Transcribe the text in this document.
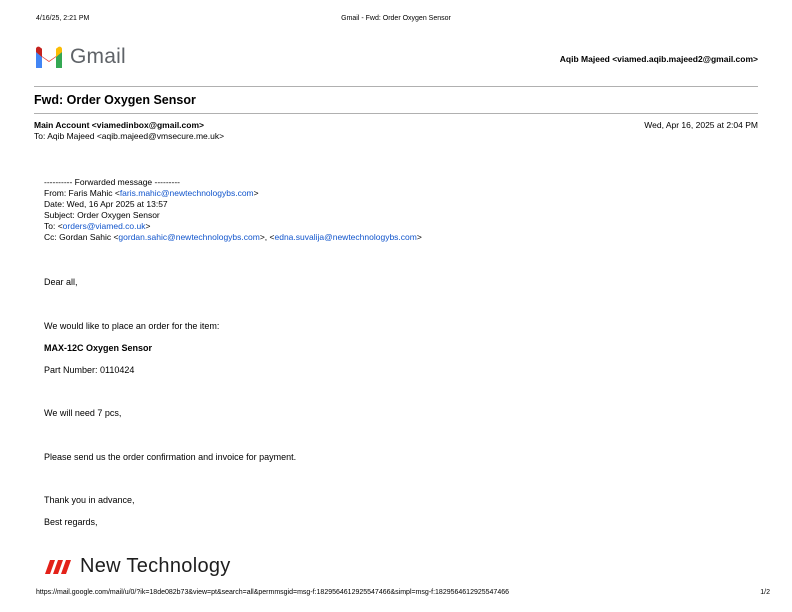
4/16/25, 2:21 PM	Gmail - Fwd: Order Oxygen Sensor
Gmail	Aqib Majeed <viamed.aqib.majeed2@gmail.com>
Fwd: Order Oxygen Sensor
Main Account <viamedinbox@gmail.com>
To: Aqib Majeed <aqib.majeed@vmsecure.me.uk>
Wed, Apr 16, 2025 at 2:04 PM
---------- Forwarded message ---------
From: Faris Mahic <faris.mahic@newtechnologybs.com>
Date: Wed, 16 Apr 2025 at 13:57
Subject: Order Oxygen Sensor
To: <orders@viamed.co.uk>
Cc: Gordan Sahic <gordan.sahic@newtechnologybs.com>, <edna.suvalija@newtechnologybs.com>
Dear all,
We would like to place an order for the item:
MAX-12C Oxygen Sensor
Part Number: 0110424
We will need 7 pcs,
Please send us the order confirmation and invoice for payment.
Thank you in advance,
Best regards,
New Technology
https://mail.google.com/mail/u/0/?ik=18de082b73&view=pt&search=all&permmsgid=msg-f:1829564612925547466&simpl=msg-f:1829564612925547466	1/2
